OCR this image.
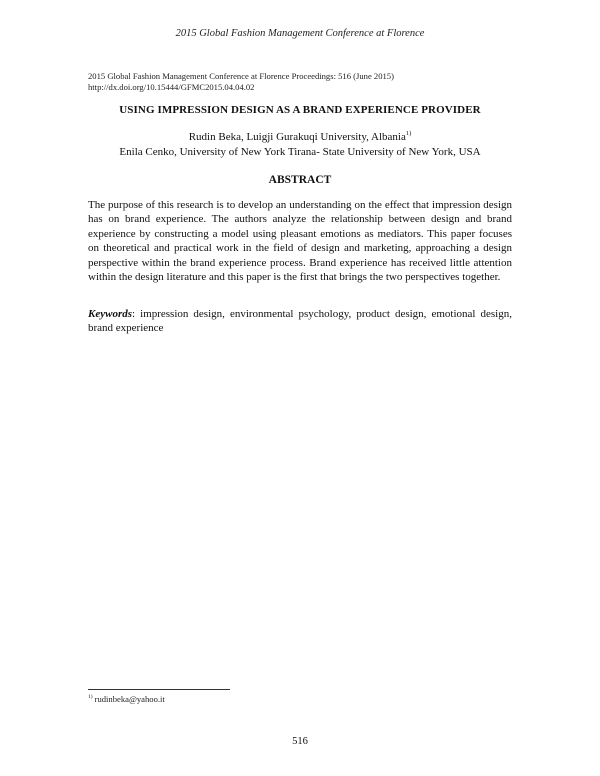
2015 Global Fashion Management Conference at Florence
2015 Global Fashion Management Conference at Florence Proceedings: 516 (June 2015)
http://dx.doi.org/10.15444/GFMC2015.04.04.02
USING IMPRESSION DESIGN AS A BRAND EXPERIENCE PROVIDER
Rudin Beka, Luigji Gurakuqi University, Albania$^{1)}$
Enila Cenko, University of New York Tirana- State University of New York, USA
ABSTRACT

The purpose of this research is to develop an understanding on the effect that impression design has on brand experience. The authors analyze the relationship between design and brand experience by constructing a model using pleasant emotions as mediators. This paper focuses on theoretical and practical work in the field of design and marketing, approaching a design perspective within the brand experience process. Brand experience has received little attention within the design literature and this paper is the first that brings the two perspectives together.

Keywords: impression design, environmental psychology, product design, emotional design, brand experience

$^{1)}$ rudinbeka@yahoo.it
516
